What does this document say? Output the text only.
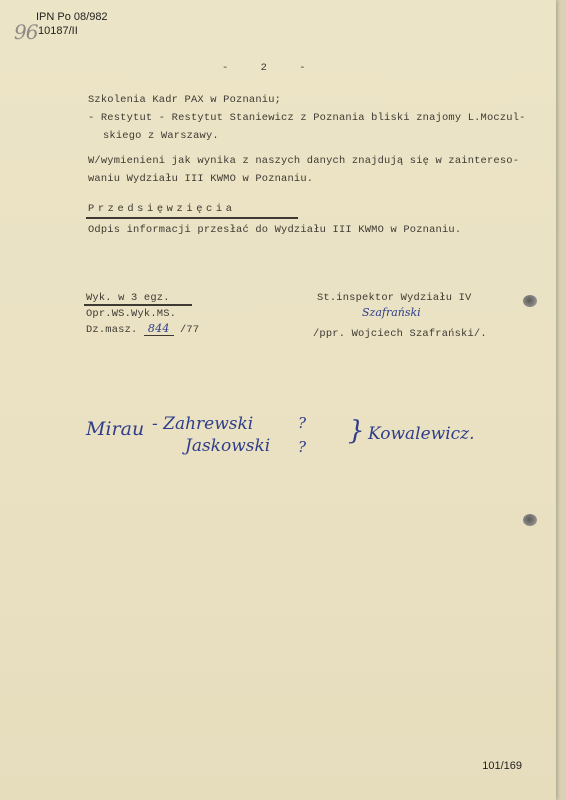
IPN Po 08/982
10187/II
96
-     2     -
Szkolenia Kadr PAX w Poznaniu;
- Restytut - Restytut Staniewicz z Poznania bliski znajomy L.Moczul-
skiego z Warszawy.
W/wymienieni jak wynika z naszych danych znajdują się w zaintereso-
waniu Wydziału III KWMO w Poznaniu.
Przedsięwzięcia
Odpis informacji przesłać do Wydziału III KWMO w Poznaniu.
Wyk. w 3 egz.
Opr.WS.Wyk.MS.
Dz.masz. 844 /77
St.inspektor Wydziału IV
Szafrański
/ppr. Wojciech Szafrański/.
Mirau - Zahrewski
Jaskowski
?
?
} Kowalewicz.
101/169
